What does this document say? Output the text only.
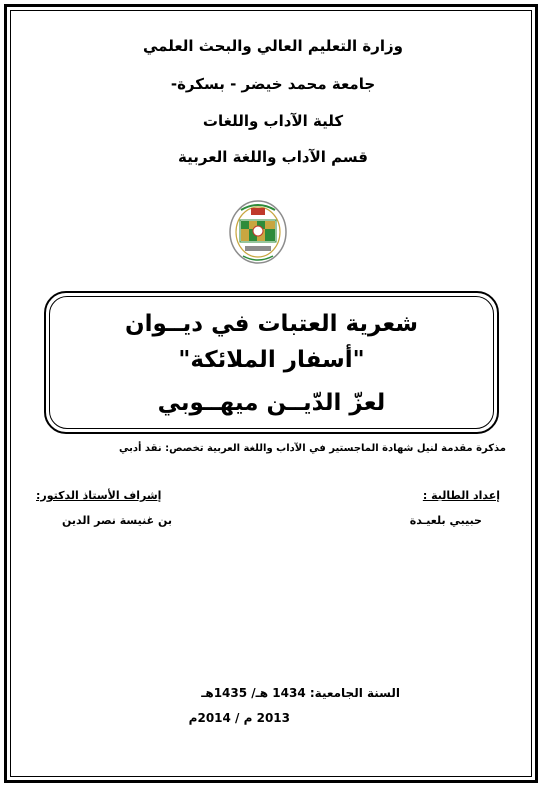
وزارة التعليم العالي والبحث العلمي
جامعة محمد خيضر - بسكرة-
كلية الآداب واللغات
قسم الآداب واللغة العربية
شعرية العتبات في ديــوان
"أسفار الملائكة"
لعزّ الدّيــن ميهــوبي
مذكرة مقدمة لنيل شهادة الماجستير في الآداب واللغة العربية تخصص: نقد أدبي
إعداد الطالبة :
حبيبي بلعيـدة
إشراف الأستاذ الدكتور:
بن غنيسة نصر الدين
السنة الجامعية: 1434 هـ/ 1435هـ
2013 م / 2014م
